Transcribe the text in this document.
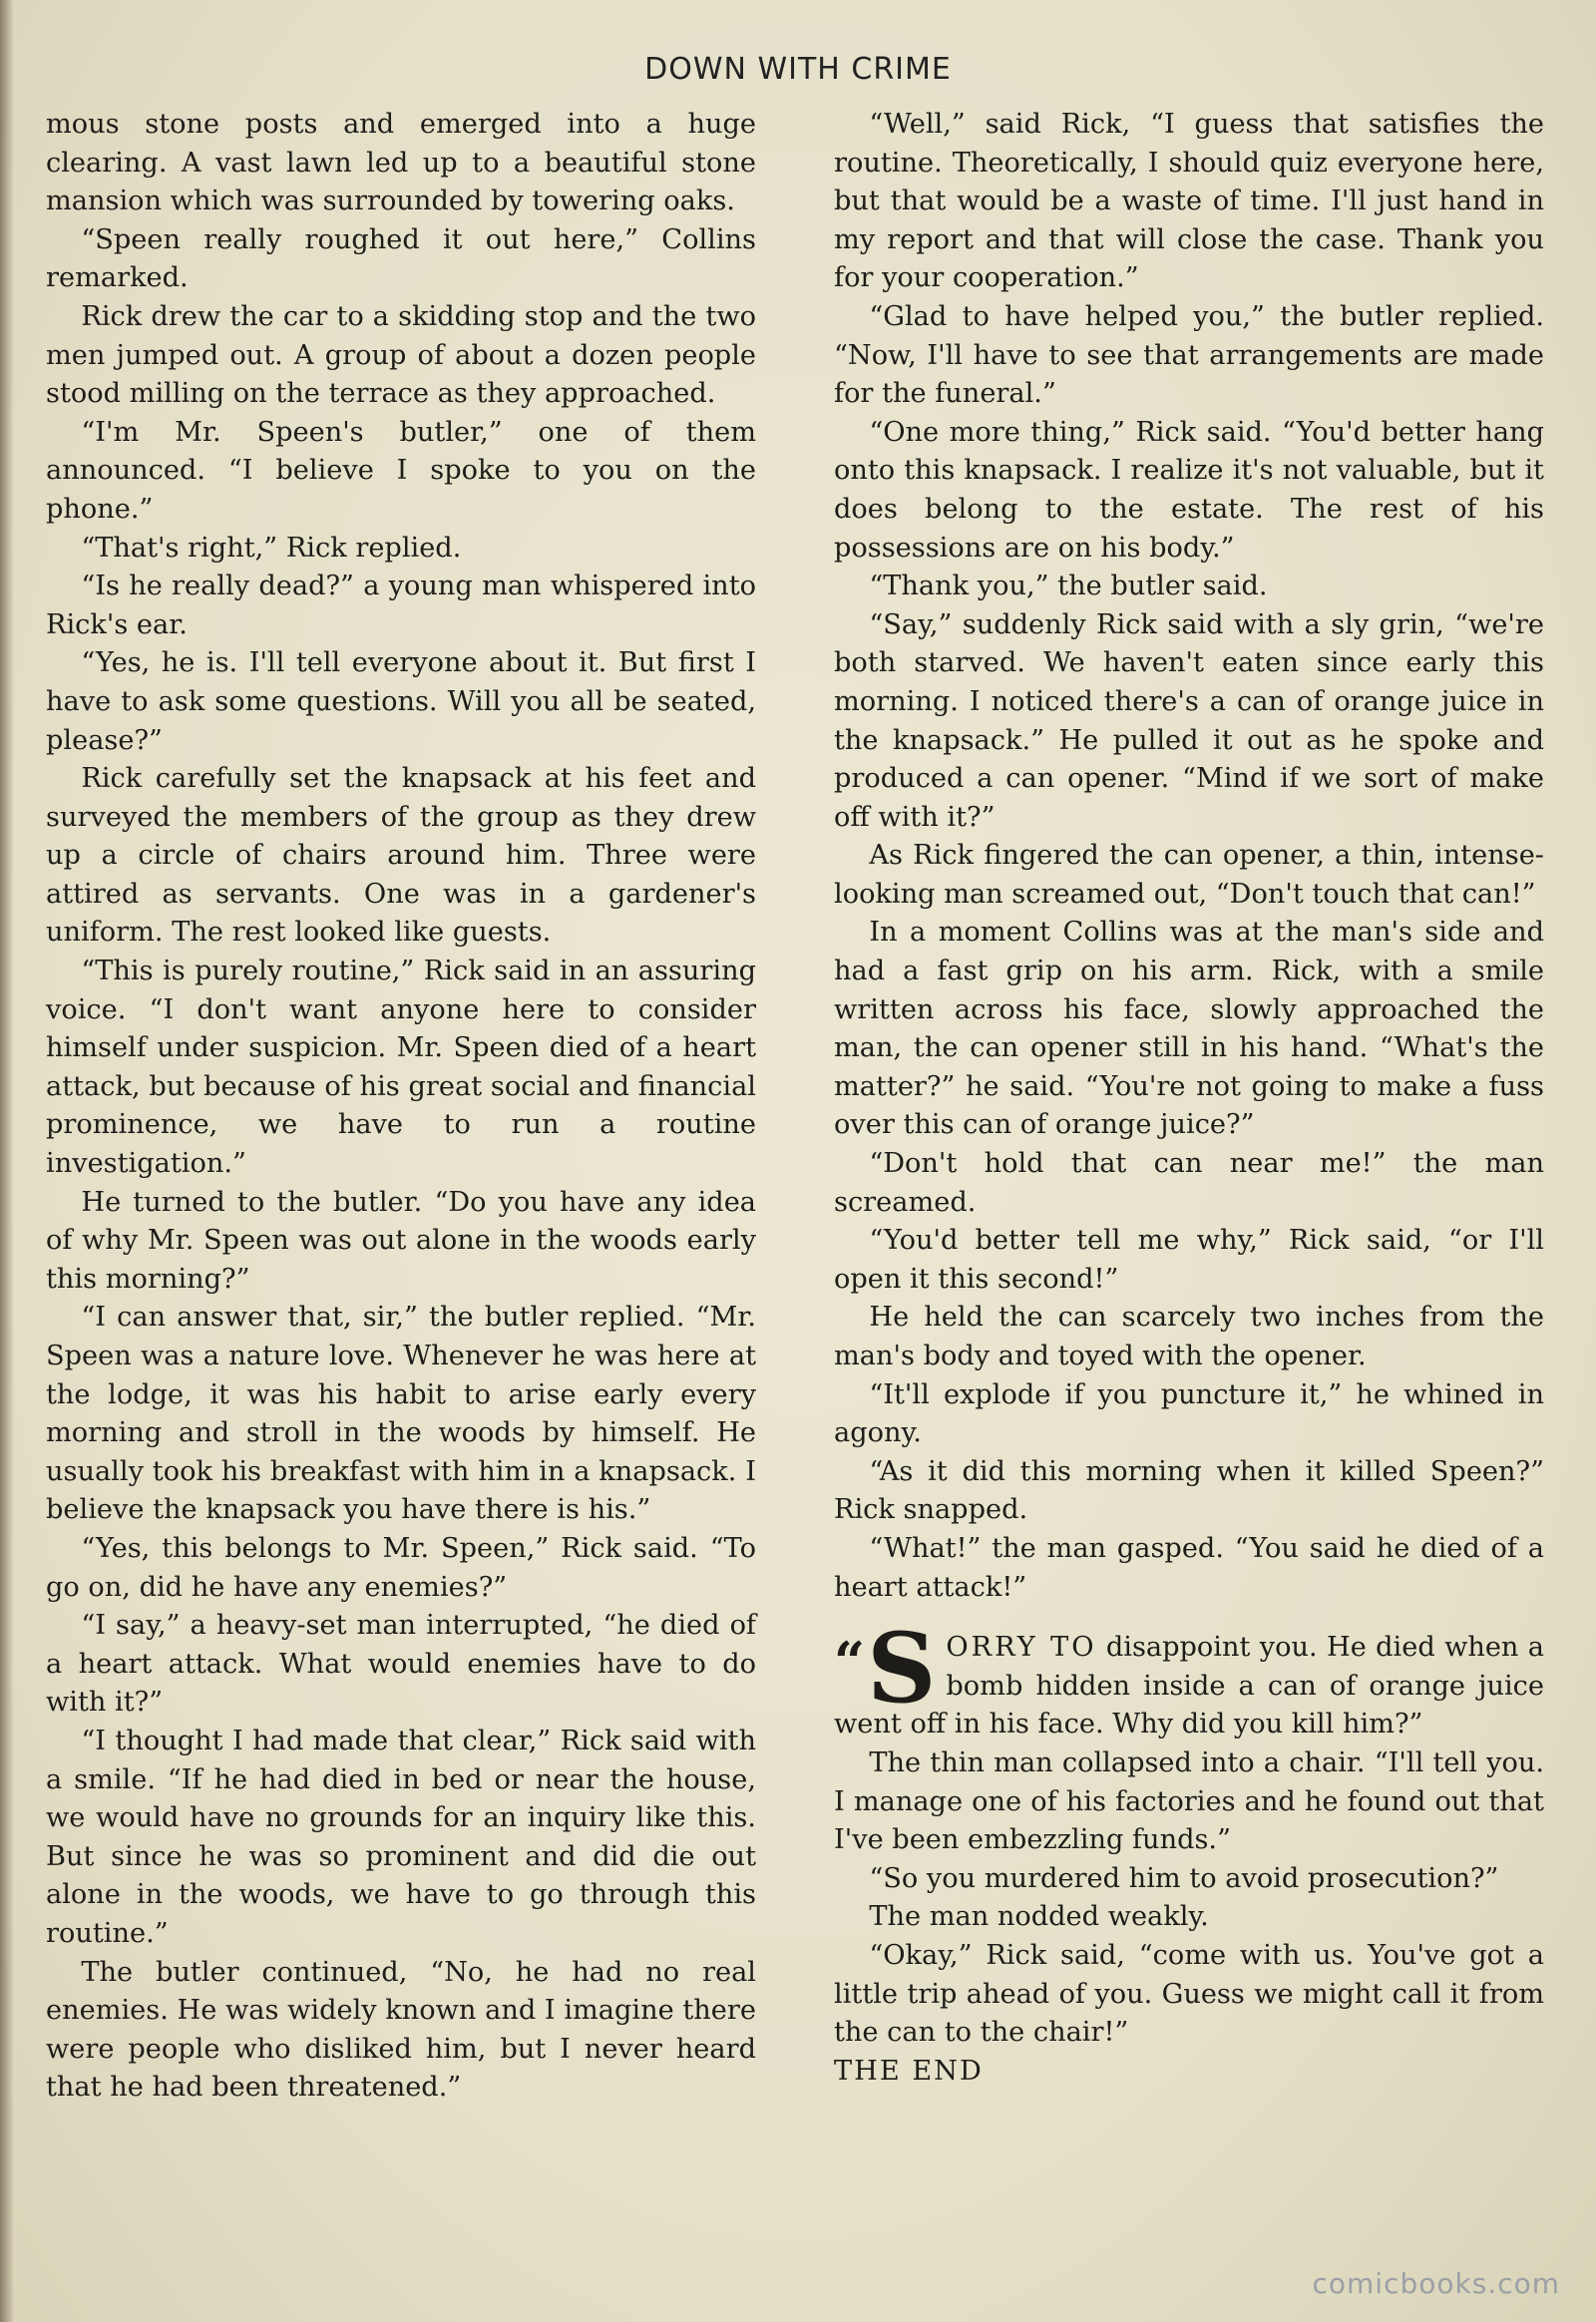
DOWN WITH CRIME

mous stone posts and emerged into a huge clearing. A vast lawn led up to a beautiful stone mansion which was surrounded by towering oaks.

“Speen really roughed it out here,” Collins remarked.

Rick drew the car to a skidding stop and the two men jumped out. A group of about a dozen people stood milling on the terrace as they approached.

“I'm Mr. Speen's butler,” one of them announced. “I believe I spoke to you on the phone.”

“That's right,” Rick replied.

“Is he really dead?” a young man whispered into Rick's ear.

“Yes, he is. I'll tell everyone about it. But first I have to ask some questions. Will you all be seated, please?”

Rick carefully set the knapsack at his feet and surveyed the members of the group as they drew up a circle of chairs around him. Three were attired as servants. One was in a gardener's uniform. The rest looked like guests.

“This is purely routine,” Rick said in an assuring voice. “I don't want anyone here to consider himself under suspicion. Mr. Speen died of a heart attack, but because of his great social and financial prominence, we have to run a routine investigation.”

He turned to the butler. “Do you have any idea of why Mr. Speen was out alone in the woods early this morning?”

“I can answer that, sir,” the butler replied. “Mr. Speen was a nature love. Whenever he was here at the lodge, it was his habit to arise early every morning and stroll in the woods by himself. He usually took his breakfast with him in a knapsack. I believe the knapsack you have there is his.”

“Yes, this belongs to Mr. Speen,” Rick said. “To go on, did he have any enemies?”

“I say,” a heavy-set man interrupted, “he died of a heart attack. What would enemies have to do with it?”

“I thought I had made that clear,” Rick said with a smile. “If he had died in bed or near the house, we would have no grounds for an inquiry like this. But since he was so prominent and did die out alone in the woods, we have to go through this routine.”

The butler continued, “No, he had no real enemies. He was widely known and I imagine there were people who disliked him, but I never heard that he had been threatened.”

“Well,” said Rick, “I guess that satisfies the routine. Theoretically, I should quiz everyone here, but that would be a waste of time. I'll just hand in my report and that will close the case. Thank you for your cooperation.”

“Glad to have helped you,” the butler replied. “Now, I'll have to see that arrangements are made for the funeral.”

“One more thing,” Rick said. “You'd better hang onto this knapsack. I realize it's not valuable, but it does belong to the estate. The rest of his possessions are on his body.”

“Thank you,” the butler said.

“Say,” suddenly Rick said with a sly grin, “we're both starved. We haven't eaten since early this morning. I noticed there's a can of orange juice in the knapsack.” He pulled it out as he spoke and produced a can opener. “Mind if we sort of make off with it?”

As Rick fingered the can opener, a thin, intense-looking man screamed out, “Don't touch that can!”

In a moment Collins was at the man's side and had a fast grip on his arm. Rick, with a smile written across his face, slowly approached the man, the can opener still in his hand. “What's the matter?” he said. “You're not going to make a fuss over this can of orange juice?”

“Don't hold that can near me!” the man screamed.

“You'd better tell me why,” Rick said, “or I'll open it this second!”

He held the can scarcely two inches from the man's body and toyed with the opener.

“It'll explode if you puncture it,” he whined in agony.

“As it did this morning when it killed Speen?” Rick snapped.

“What!” the man gasped. “You said he died of a heart attack!”

“ S ORRY TO disappoint you. He died when a bomb hidden inside a can of orange juice went off in his face. Why did you kill him?”

The thin man collapsed into a chair. “I'll tell you. I manage one of his factories and he found out that I've been embezzling funds.”

“So you murdered him to avoid prosecution?”

The man nodded weakly.

“Okay,” Rick said, “come with us. You've got a little trip ahead of you. Guess we might call it from the can to the chair!”

THE END

comicbooks.com
